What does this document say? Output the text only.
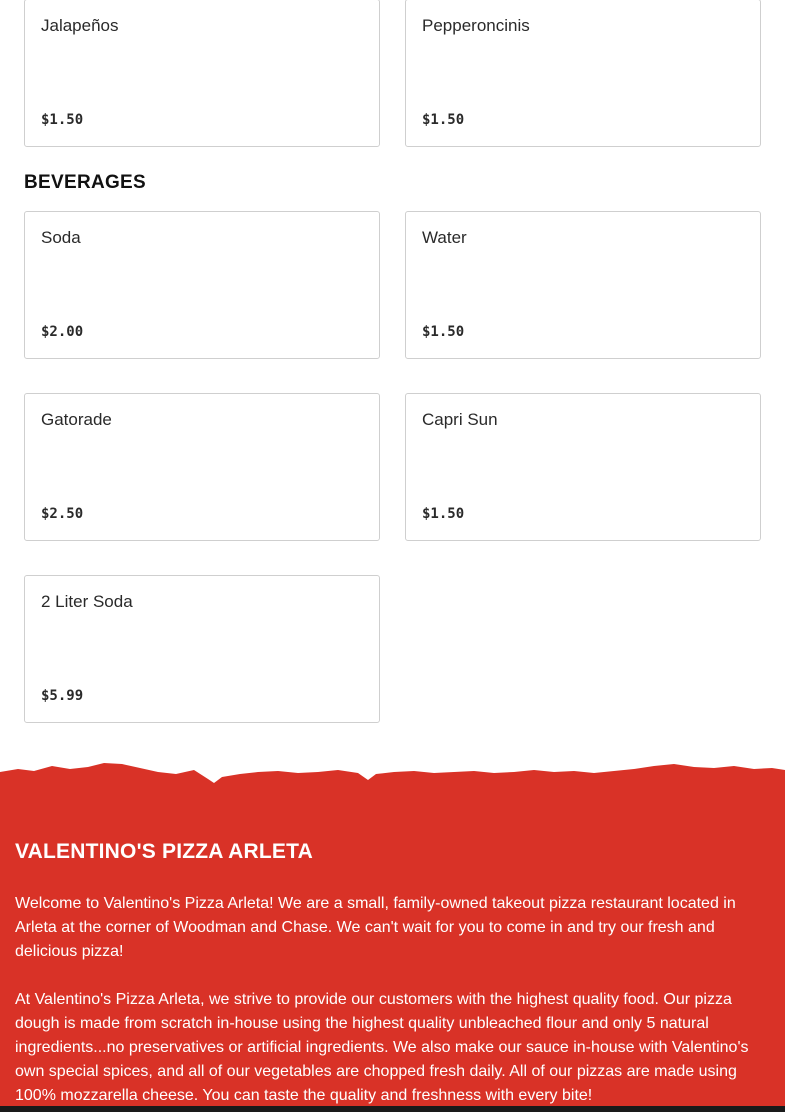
Jalapeños
$1.50
Pepperoncinis
$1.50
BEVERAGES
Soda
$2.00
Water
$1.50
Gatorade
$2.50
Capri Sun
$1.50
2 Liter Soda
$5.99
VALENTINO'S PIZZA ARLETA

Welcome to Valentino's Pizza Arleta! We are a small, family-owned takeout pizza restaurant located in Arleta at the corner of Woodman and Chase. We can't wait for you to come in and try our fresh and delicious pizza!

At Valentino's Pizza Arleta, we strive to provide our customers with the highest quality food. Our pizza dough is made from scratch in-house using the highest quality unbleached flour and only 5 natural ingredients...no preservatives or artificial ingredients. We also make our sauce in-house with Valentino's own special spices, and all of our vegetables are chopped fresh daily. All of our pizzas are made using 100% mozzarella cheese. You can taste the quality and freshness with every bite!
